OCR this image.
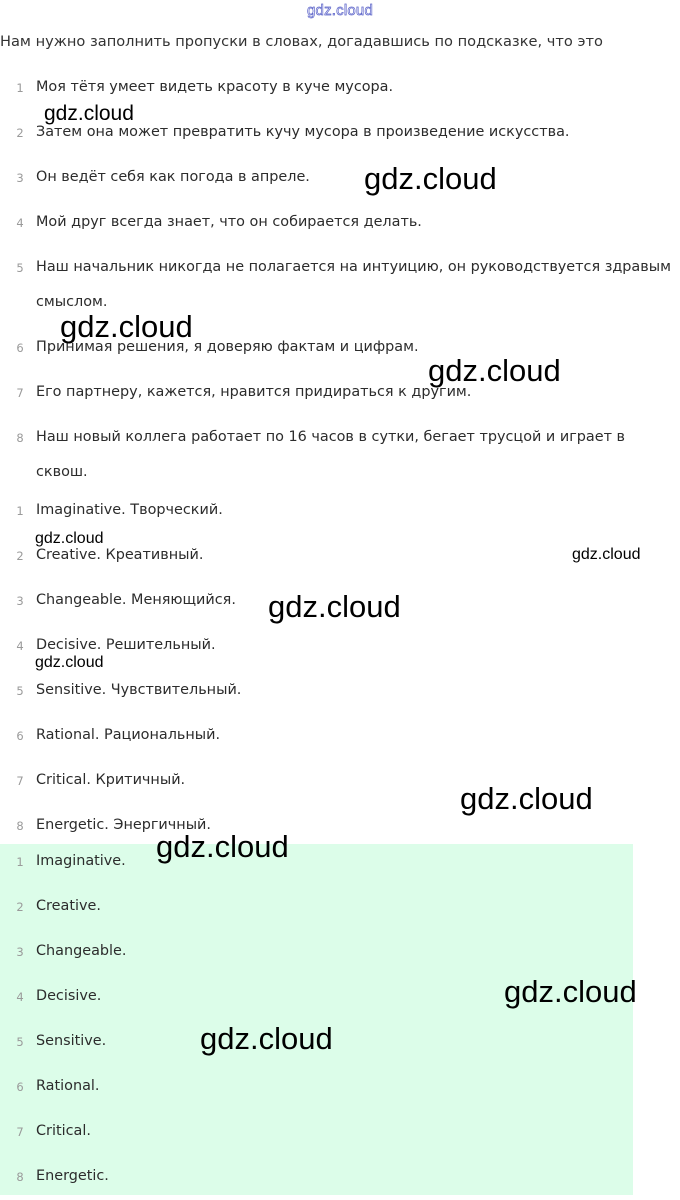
gdz.cloud
Нам нужно заполнить пропуски в словах, догадавшись по подсказке, что это
1 Моя тётя умеет видеть красоту в куче мусора.
2 Затем она может превратить кучу мусора в произведение искусства.
3 Он ведёт себя как погода в апреле.
4 Мой друг всегда знает, что он собирается делать.
5 Наш начальник никогда не полагается на интуицию, он руководствуется здравым смыслом.
6 Принимая решения, я доверяю фактам и цифрам.
7 Его партнеру, кажется, нравится придираться к другим.
8 Наш новый коллега работает по 16 часов в сутки, бегает трусцой и играет в сквош.
1 Imaginative. Творческий.
2 Creative. Креативный.
3 Changeable. Меняющийся.
4 Decisive. Решительный.
5 Sensitive. Чувствительный.
6 Rational. Рациональный.
7 Critical. Критичный.
8 Energetic. Энергичный.
1 Imaginative.
2 Creative.
3 Changeable.
4 Decisive.
5 Sensitive.
6 Rational.
7 Critical.
8 Energetic.
gdz.cloud
gdz.cloud
gdz.cloud
gdz.cloud
gdz.cloud
gdz.cloud
gdz.cloud
gdz.cloud
gdz.cloud
gdz.cloud
gdz.cloud
gdz.cloud
